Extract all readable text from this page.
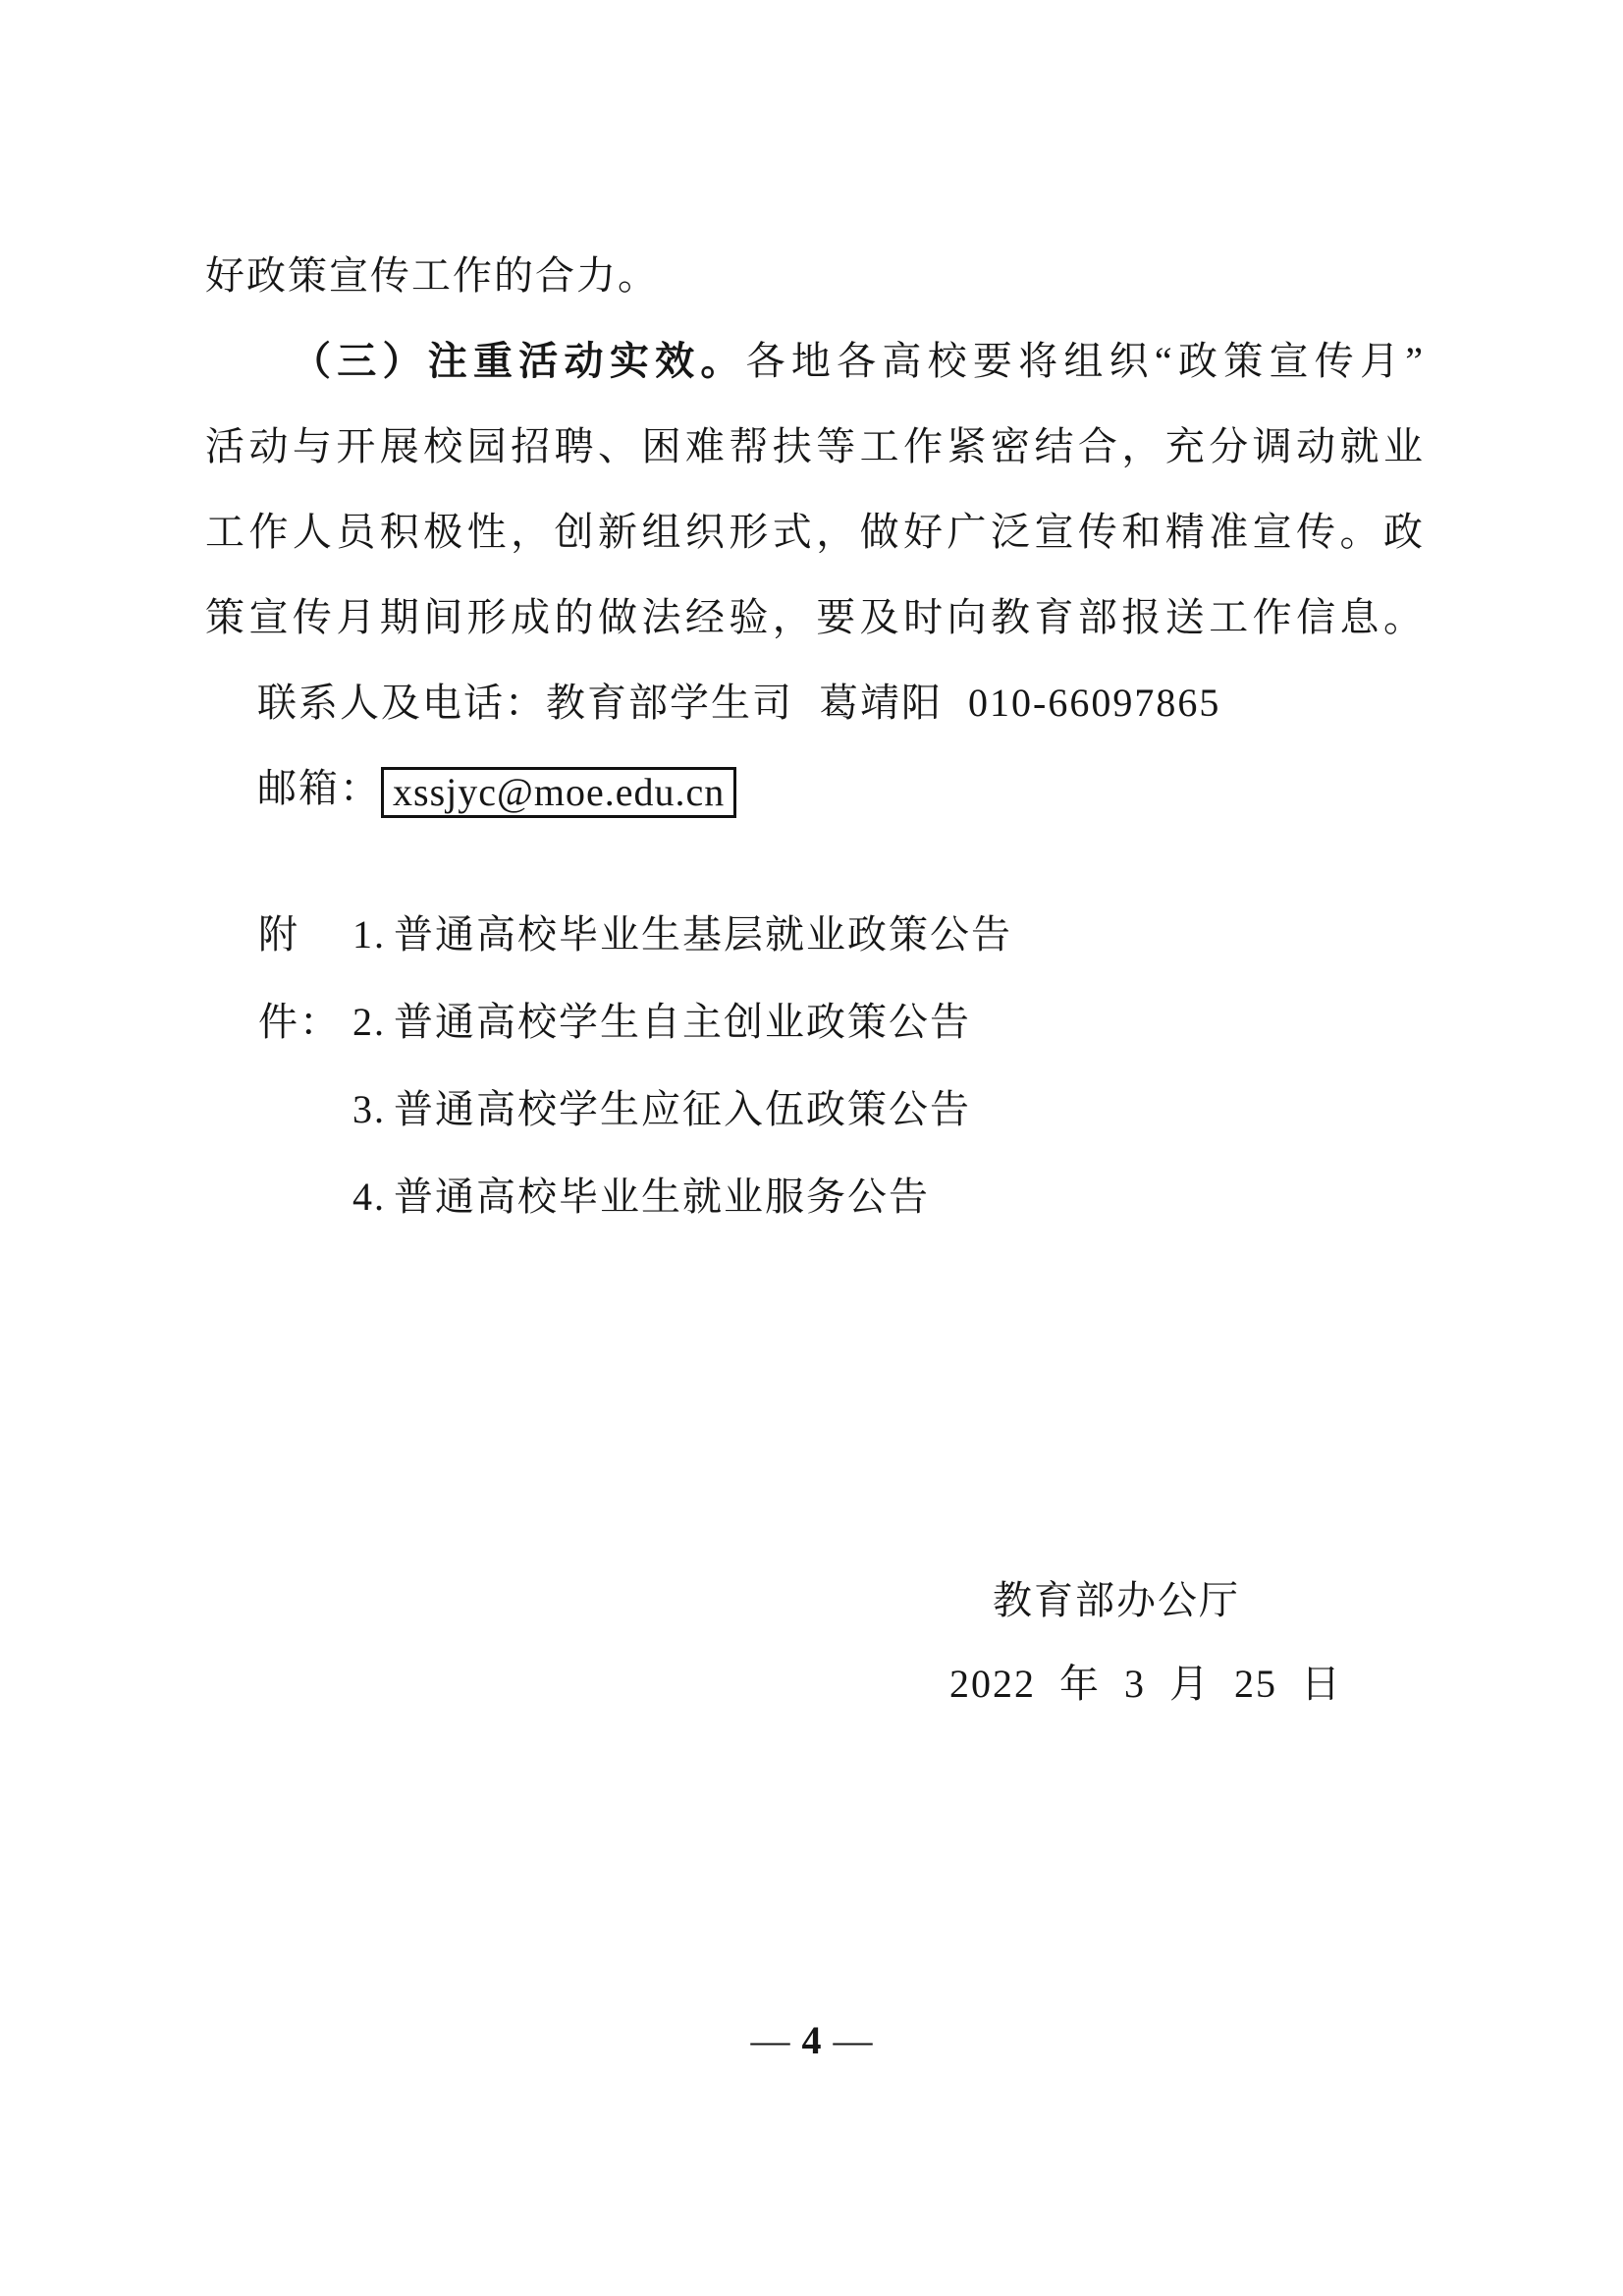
好政策宣传工作的合力。
（三）注重活动实效。各地各高校要将组织“政策宣传月”
活动与开展校园招聘、困难帮扶等工作紧密结合，充分调动就业
工作人员积极性，创新组织形式，做好广泛宣传和精准宣传。政
策宣传月期间形成的做法经验，要及时向教育部报送工作信息。
联系人及电话：教育部学生司 葛靖阳 010-66097865
邮箱： xssjyc@moe.edu.cn
附件：
1. 普通高校毕业生基层就业政策公告
2. 普通高校学生自主创业政策公告
3. 普通高校学生应征入伍政策公告
4. 普通高校毕业生就业服务公告
教育部办公厅
2022 年 3 月 25 日
— 4 —
